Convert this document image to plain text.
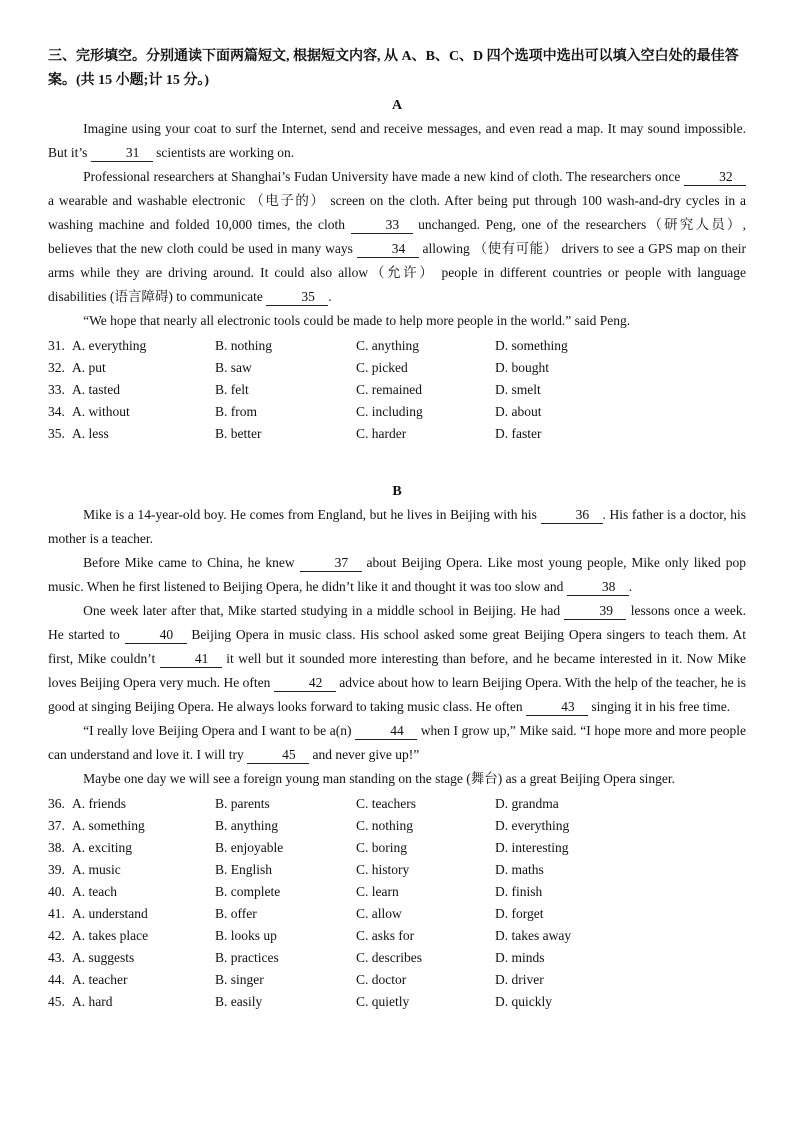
三、完形填空。分别通读下面两篇短文, 根据短文内容, 从 A、B、C、D 四个选项中选出可以填入空白处的最佳答案。(共 15 小题;计 15 分。)

A

Imagine using your coat to surf the Internet, send and receive messages, and even read a map. It may sound impossible. But it’s	31 scientists are working on.

Professional researchers at Shanghai’s Fudan University have made a new kind of cloth. The researchers once	32 a wearable and washable electronic （电子的） screen on the cloth. After being put through 100 wash-and-dry cycles in a washing machine and folded 10,000 times, the cloth	33 unchanged. Peng, one of the researchers（研究人员）, believes that the new cloth could be used in many ways	34 allowing （使有可能） drivers to see a GPS map on their arms while they are driving around. It could also allow（允许） people in different countries or people with language disabilities (语言障碍) to communicate	35 .

“We hope that nearly all electronic tools could be made to help more people in the world.” said Peng.

31. A. everything	B. nothing	C. anything	D. something
32. A. put	B. saw	C. picked	D. bought
33. A. tasted	B. felt	C. remained	D. smelt
34. A. without	B. from	C. including	D. about
35. A. less	B. better	C. harder	D. faster
B

Mike is a 14-year-old boy. He comes from England, but he lives in Beijing with his	36 . His father is a doctor, his mother is a teacher.

Before Mike came to China, he knew	37 about Beijing Opera. Like most young people, Mike only liked pop music. When he first listened to Beijing Opera, he didn’t like it and thought it was too slow and	38 .

One week later after that, Mike started studying in a middle school in Beijing. He had	39 lessons once a week. He started to	40 Beijing Opera in music class. His school asked some great Beijing Opera singers to teach them. At first, Mike couldn’t	41 it well but it sounded more interesting than before, and he became interested in it. Now Mike loves Beijing Opera very much. He often	42 advice about how to learn Beijing Opera. With the help of the teacher, he is good at singing Beijing Opera. He always looks forward to taking music class. He often	43 singing it in his free time.

“I really love Beijing Opera and I want to be a(n)	44 when I grow up,” Mike said. “I hope more and more people can understand and love it. I will try	45 and never give up!”

Maybe one day we will see a foreign young man standing on the stage (舞台) as a great Beijing Opera singer.

36. A. friends	B. parents	C. teachers	D. grandma
37. A. something	B. anything	C. nothing	D. everything
38. A. exciting	B. enjoyable	C. boring	D. interesting
39. A. music	B. English	C. history	D. maths
40. A. teach	B. complete	C. learn	D. finish
41. A. understand	B. offer	C. allow	D. forget
42. A. takes place	B. looks up	C. asks for	D. takes away
43. A. suggests	B. practices	C. describes	D. minds
44. A. teacher	B. singer	C. doctor	D. driver
45. A. hard	B. easily	C. quietly	D. quickly
